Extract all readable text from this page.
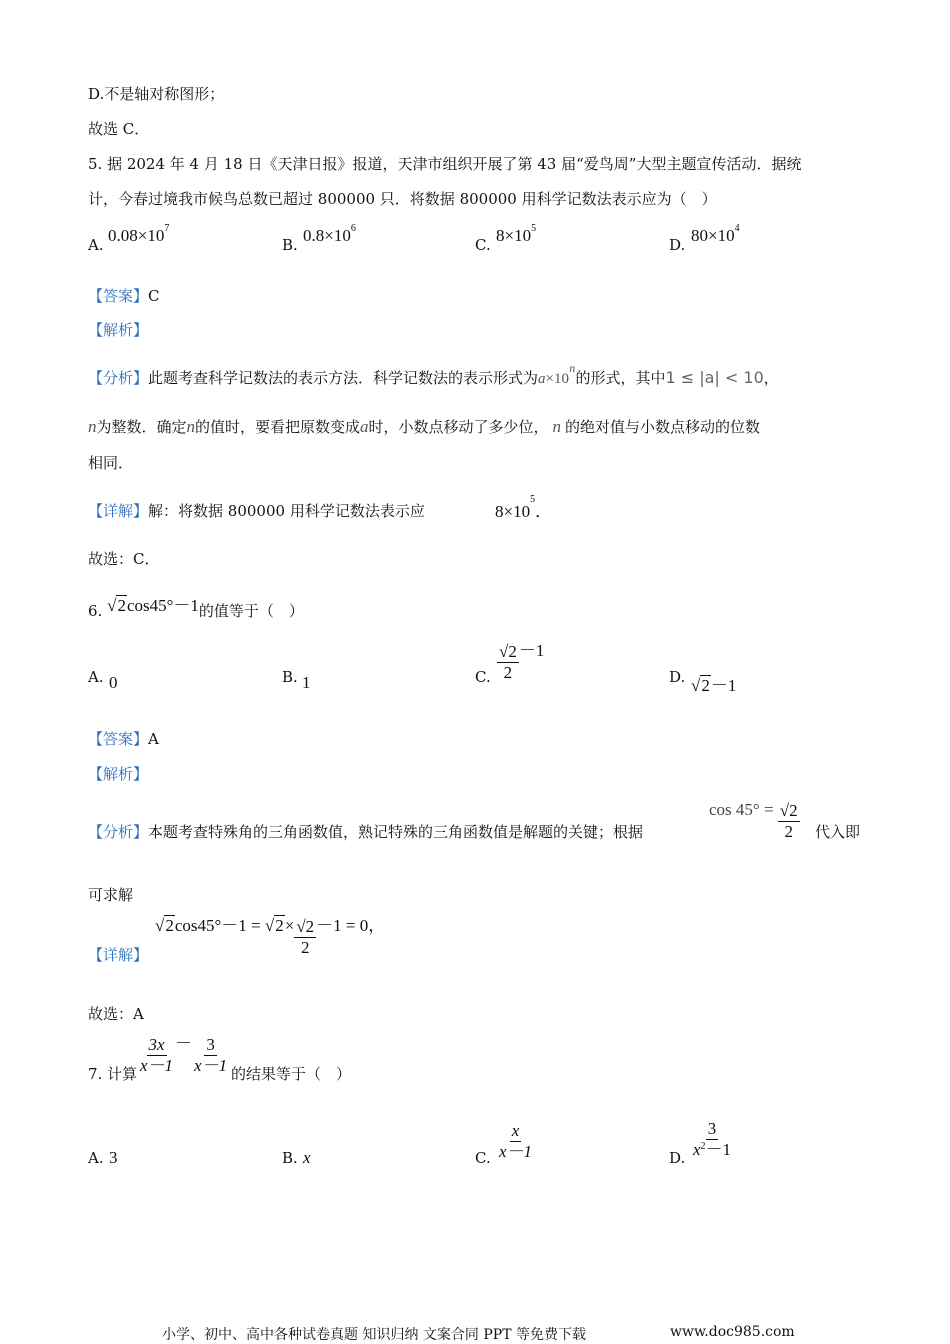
D.不是轴对称图形；
故选 C．
5. 据 2024 年 4 月 18 日《天津日报》报道，天津市组织开展了第 43 届“爱鸟周”大型主题宣传活动．据统
计，今春过境我市候鸟总数已超过 800000 只．将数据 800000 用科学记数法表示应为（　）
A. $0.08\times 10^7$
B. $0.8\times 10^6$
C. $8\times 10^5$
D. $80\times 10^4$
【答案】C
【解析】
【分析】此题考查科学记数法的表示方法．科学记数法的表示形式为$a\times 10^n$的形式，其中1 ≤ |a| < 10，
n为整数．确定n的值时，要看把原数变成a时，小数点移动了多少位， n 的绝对值与小数点移动的位数
相同．
【详解】解：将数据 800000 用科学记数法表示应	$8\times 10^5$．
故选：C．
6. √2cos45°－1的值等于（　）
A. 0	B. 1	C. $\frac{√2}{2} -1$
D. √2－1
【答案】A
【解析】
【分析】本题考查特殊角的三角函数值，熟记特殊的三角函数值是解题的关键；根据
$\cos 45^\circ = \frac{√2}{2}$ 代入即
可求解
【详解】
$√2\cos 45^\circ-1 = √2\times \frac{√2}{2} -1 = 0$，
故选：A
7. 计算 $\frac{3x}{x-1} - \frac{3}{x-1}$ 的结果等于（　）
A. 3	B. x	C. $\frac{x}{x-1}$	D. $\frac{3}{x^2-1}$
小学、初中、高中各种试卷真题 知识归纳 文案合同 PPT 等免费下载	www.doc985.com
